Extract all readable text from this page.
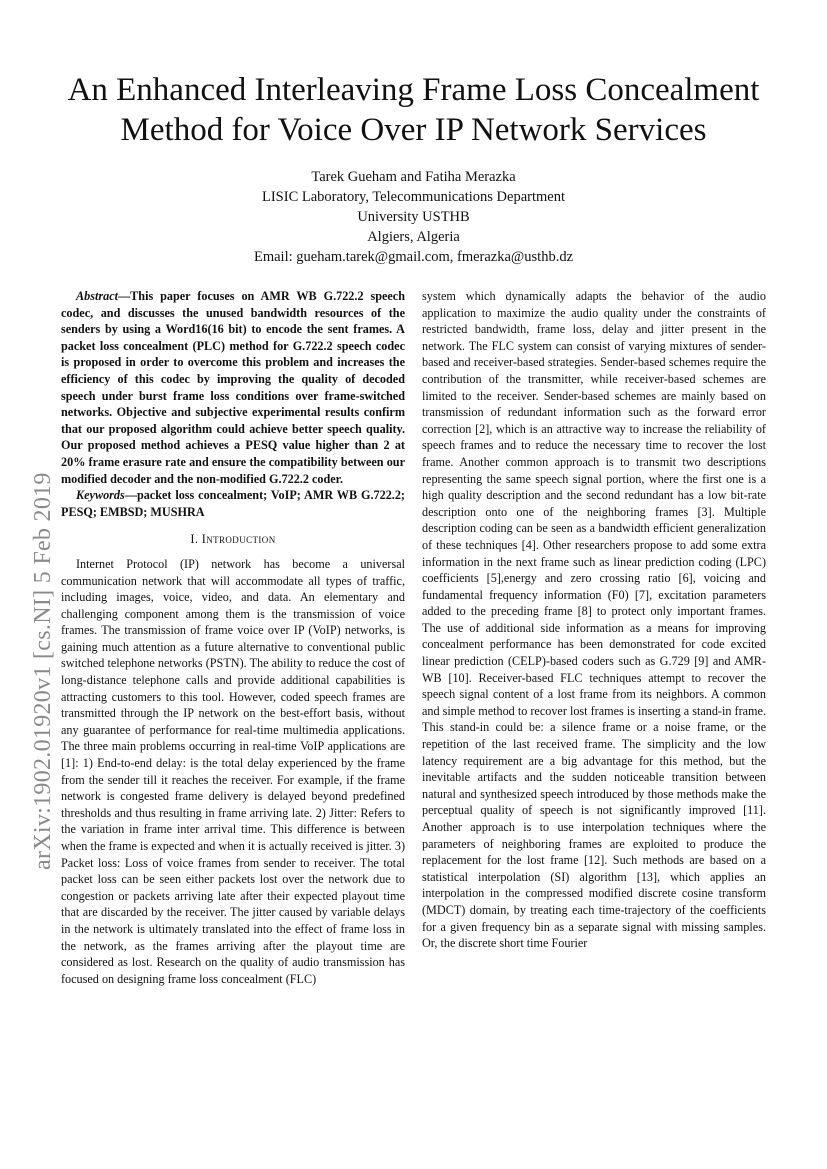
An Enhanced Interleaving Frame Loss Concealment Method for Voice Over IP Network Services
Tarek Gueham and Fatiha Merazka
LISIC Laboratory, Telecommunications Department
University USTHB
Algiers, Algeria
Email: gueham.tarek@gmail.com, fmerazka@usthb.dz
arXiv:1902.01920v1 [cs.NI] 5 Feb 2019

Abstract—This paper focuses on AMR WB G.722.2 speech codec, and discusses the unused bandwidth resources of the senders by using a Word16(16 bit) to encode the sent frames. A packet loss concealment (PLC) method for G.722.2 speech codec is proposed in order to overcome this problem and increases the efficiency of this codec by improving the quality of decoded speech under burst frame loss conditions over frame-switched networks. Objective and subjective experimental results confirm that our proposed algorithm could achieve better speech quality. Our proposed method achieves a PESQ value higher than 2 at 20% frame erasure rate and ensure the compatibility between our modified decoder and the non-modified G.722.2 coder.

Keywords—packet loss concealment; VoIP; AMR WB G.722.2; PESQ; EMBSD; MUSHRA

I. Introduction

Internet Protocol (IP) network has become a universal communication network that will accommodate all types of traffic, including images, voice, video, and data. An elementary and challenging component among them is the transmission of voice frames. The transmission of frame voice over IP (VoIP) networks, is gaining much attention as a future alternative to conventional public switched telephone networks (PSTN). The ability to reduce the cost of long-distance telephone calls and provide additional capabilities is attracting customers to this tool. However, coded speech frames are transmitted through the IP network on the best-effort basis, without any guarantee of performance for real-time multimedia applications. The three main problems occurring in real-time VoIP applications are [1]: 1) End-to-end delay: is the total delay experienced by the frame from the sender till it reaches the receiver. For example, if the frame network is congested frame delivery is delayed beyond predefined thresholds and thus resulting in frame arriving late. 2) Jitter: Refers to the variation in frame inter arrival time. This difference is between when the frame is expected and when it is actually received is jitter. 3) Packet loss: Loss of voice frames from sender to receiver. The total packet loss can be seen either packets lost over the network due to congestion or packets arriving late after their expected playout time that are discarded by the receiver. The jitter caused by variable delays in the network is ultimately translated into the effect of frame loss in the network, as the frames arriving after the playout time are considered as lost. Research on the quality of audio transmission has focused on designing frame loss concealment (FLC)

system which dynamically adapts the behavior of the audio application to maximize the audio quality under the constraints of restricted bandwidth, frame loss, delay and jitter present in the network. The FLC system can consist of varying mixtures of sender-based and receiver-based strategies. Sender-based schemes require the contribution of the transmitter, while receiver-based schemes are limited to the receiver. Sender-based schemes are mainly based on transmission of redundant information such as the forward error correction [2], which is an attractive way to increase the reliability of speech frames and to reduce the necessary time to recover the lost frame. Another common approach is to transmit two descriptions representing the same speech signal portion, where the first one is a high quality description and the second redundant has a low bit-rate description onto one of the neighboring frames [3]. Multiple description coding can be seen as a bandwidth efficient generalization of these techniques [4]. Other researchers propose to add some extra information in the next frame such as linear prediction coding (LPC) coefficients [5],energy and zero crossing ratio [6], voicing and fundamental frequency information (F0) [7], excitation parameters added to the preceding frame [8] to protect only important frames. The use of additional side information as a means for improving concealment performance has been demonstrated for code excited linear prediction (CELP)-based coders such as G.729 [9] and AMR-WB [10]. Receiver-based FLC techniques attempt to recover the speech signal content of a lost frame from its neighbors. A common and simple method to recover lost frames is inserting a stand-in frame. This stand-in could be: a silence frame or a noise frame, or the repetition of the last received frame. The simplicity and the low latency requirement are a big advantage for this method, but the inevitable artifacts and the sudden noticeable transition between natural and synthesized speech introduced by those methods make the perceptual quality of speech is not significantly improved [11]. Another approach is to use interpolation techniques where the parameters of neighboring frames are exploited to produce the replacement for the lost frame [12]. Such methods are based on a statistical interpolation (SI) algorithm [13], which applies an interpolation in the compressed modified discrete cosine transform (MDCT) domain, by treating each time-trajectory of the coefficients for a given frequency bin as a separate signal with missing samples. Or, the discrete short time Fourier
